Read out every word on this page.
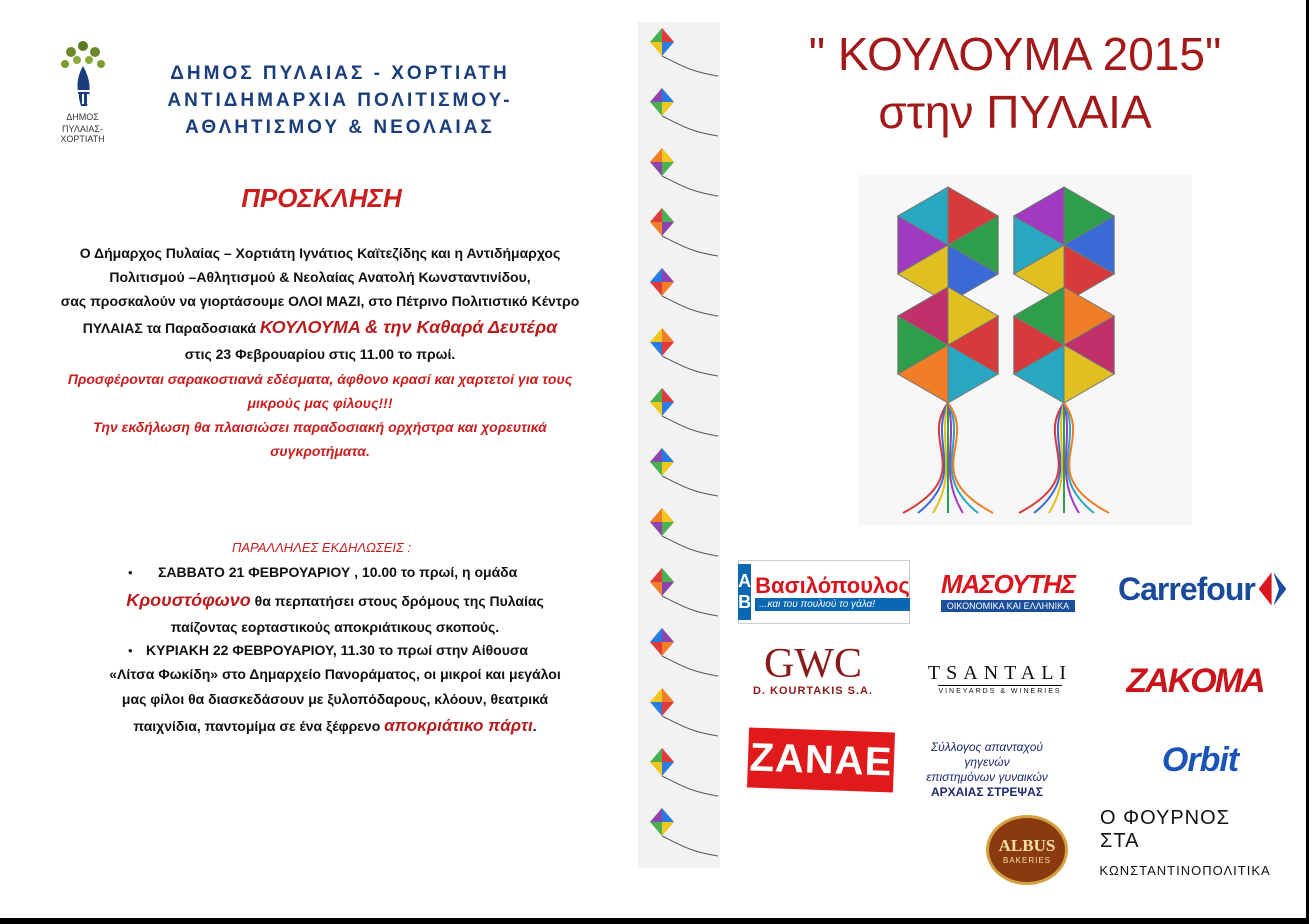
ΔΗΜΟΣ
ΠΥΛΑΙΑΣ-ΧΟΡΤΙΑΤΗ
ΔΗΜΟΣ ΠΥΛΑΙΑΣ - ΧΟΡΤΙΑΤΗ
ΑΝΤΙΔΗΜΑΡΧΙΑ ΠΟΛΙΤΙΣΜΟΥ-
ΑΘΛΗΤΙΣΜΟΥ & ΝΕΟΛΑΙΑΣ
ΠΡΟΣΚΛΗΣΗ
Ο Δήμαρχος Πυλαίας – Χορτιάτη Ιγνάτιος Καϊτεζίδης και η Αντιδήμαρχος
Πολιτισμού –Αθλητισμού & Νεολαίας Ανατολή Κωνσταντινίδου,
σας προσκαλούν να γιορτάσουμε ΟΛΟΙ ΜΑΖΙ, στο Πέτρινο Πολιτιστικό Κέντρο
ΠΥΛΑΙΑΣ τα Παραδοσιακά ΚΟΥΛΟΥΜΑ & την Καθαρά Δευτέρα
στις 23 Φεβρουαρίου στις 11.00 το πρωί.
Προσφέρονται σαρακοστιανά εδέσματα, άφθονο κρασί και χαρτετοί για τους
μικρούς μας φίλους!!!
Την εκδήλωση θα πλαισιώσει παραδοσιακή ορχήστρα και χορευτικά
συγκροτήματα.
ΠΑΡΑΛΛΗΛΕΣ ΕΚΔΗΛΩΣΕΙΣ :
• ΣΑΒΒΑΤΟ 21 ΦΕΒΡΟΥΑΡΙΟΥ , 10.00 το πρωί, η ομάδα
Κρουστόφωνο θα περπατήσει στους δρόμους της Πυλαίας
παίζοντας εορταστικούς αποκριάτικους σκοπούς.
• ΚΥΡΙΑΚΗ 22 ΦΕΒΡΟΥΑΡΙΟΥ, 11.30 το πρωί στην Αίθουσα
«Λίτσα Φωκίδη» στο Δημαρχείο Πανοράματος, οι μικροί και μεγάλοι
μας φίλοι θα διασκεδάσουν με ξυλοπόδαρους, κλόουν, θεατρικά
παιχνίδια, παντομίμα σε ένα ξέφρενο αποκριάτικο πάρτι.
" ΚΟΥΛΟΥΜΑ 2015"
στην ΠΥΛΑΙΑ
A
B
Βασιλόπουλος
...και του πουλιού το γάλα!
ΜΑΣΟΥΤΗΣ
ΟΙΚΟΝΟΜΙΚΑ ΚΑΙ ΕΛΛΗΝΙΚΑ Carrefour
GWC
D. KOURTAKIS S.A.
TSANTALI
VINEYARDS & WINERIES ZAKOMA
ZANAE	Σύλλογος απανταχού γηγενών
επιστημόνων γυναικών
ΑΡΧΑΙΑΣ ΣΤΡΕΨΑΣ
Orbit
ALBUS
BAKERIES
Ο ΦΟΥΡΝΟΣ ΣΤΑ
ΚΩΝΣΤΑΝΤΙΝΟΠΟΛΙΤΙΚΑ
